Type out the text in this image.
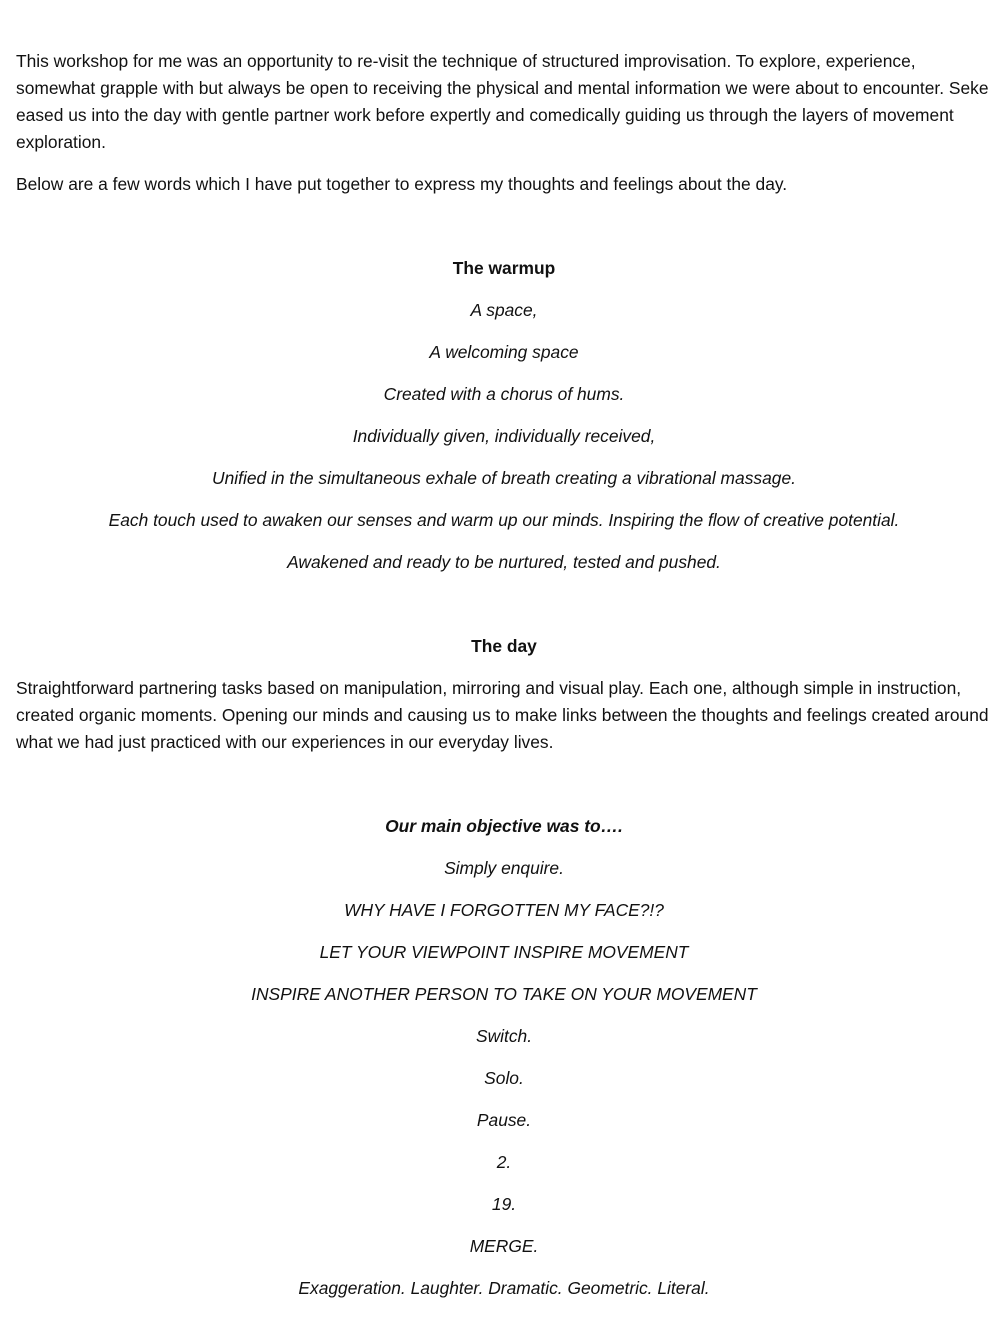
This workshop for me was an opportunity to re-visit the technique of structured improvisation. To explore, experience, somewhat grapple with but always be open to receiving the physical and mental information we were about to encounter. Seke eased us into the day with gentle partner work before expertly and comedically guiding us through the layers of movement exploration.

Below are a few words which I have put together to express my thoughts and feelings about the day.

The warmup

A space,

A welcoming space

Created with a chorus of hums.

Individually given, individually received,

Unified in the simultaneous exhale of breath creating a vibrational massage.

Each touch used to awaken our senses and warm up our minds. Inspiring the flow of creative potential.

Awakened and ready to be nurtured, tested and pushed.

The day

Straightforward partnering tasks based on manipulation, mirroring and visual play. Each one, although simple in instruction, created organic moments. Opening our minds and causing us to make links between the thoughts and feelings created around what we had just practiced with our experiences in our everyday lives.

Our main objective was to….

Simply enquire.

WHY HAVE I FORGOTTEN MY FACE?!?

LET YOUR VIEWPOINT INSPIRE MOVEMENT

INSPIRE ANOTHER PERSON TO TAKE ON YOUR MOVEMENT

Switch.

Solo.

Pause.

2.

19.

MERGE.

Exaggeration. Laughter. Dramatic. Geometric. Literal.
